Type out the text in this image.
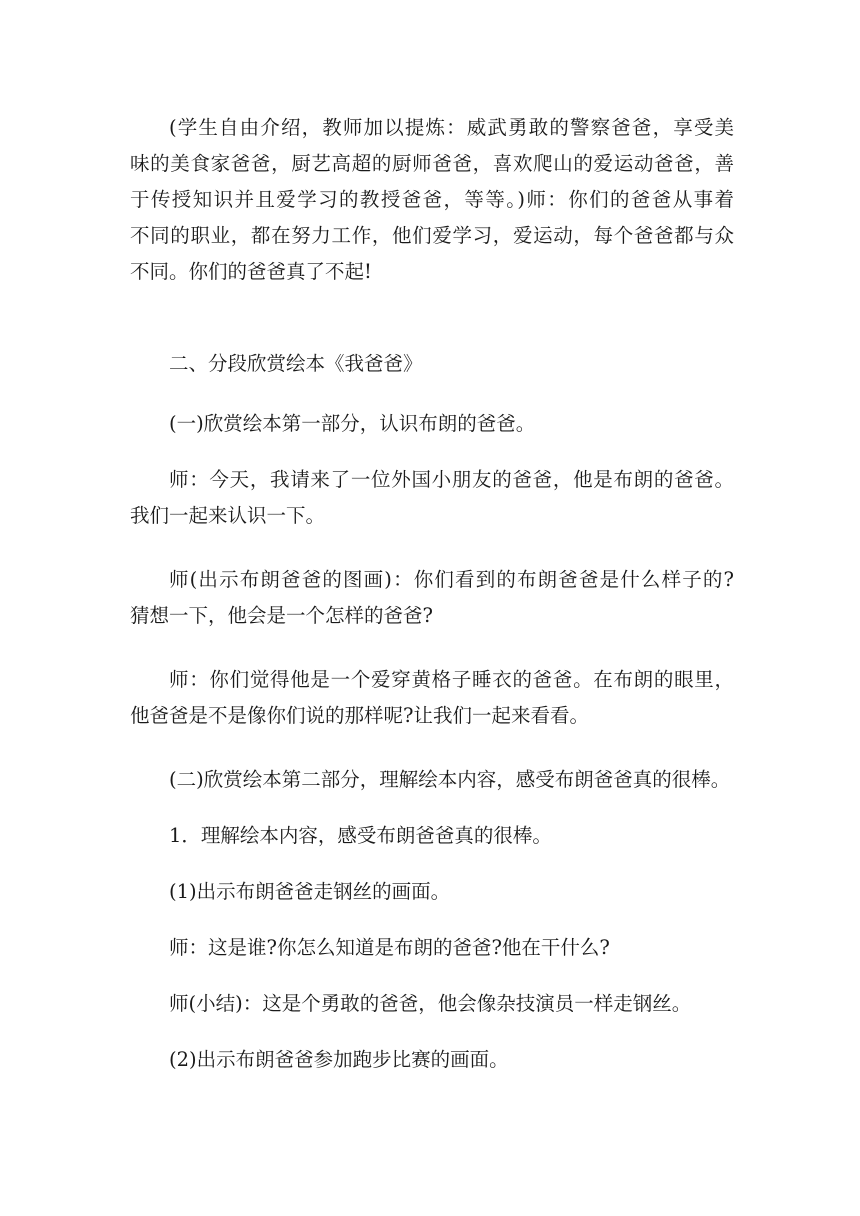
(学生自由介绍，教师加以提炼：威武勇敢的警察爸爸，享受美
味的美食家爸爸，厨艺高超的厨师爸爸，喜欢爬山的爱运动爸爸，善
于传授知识并且爱学习的教授爸爸，等等。)师：你们的爸爸从事着
不同的职业，都在努力工作，他们爱学习，爱运动，每个爸爸都与众
不同。你们的爸爸真了不起!
二、分段欣赏绘本《我爸爸》
(一)欣赏绘本第一部分，认识布朗的爸爸。
师：今天，我请来了一位外国小朋友的爸爸，他是布朗的爸爸。
我们一起来认识一下。
师(出示布朗爸爸的图画)：你们看到的布朗爸爸是什么样子的?
猜想一下，他会是一个怎样的爸爸?
师：你们觉得他是一个爱穿黄格子睡衣的爸爸。在布朗的眼里，
他爸爸是不是像你们说的那样呢?让我们一起来看看。
(二)欣赏绘本第二部分，理解绘本内容，感受布朗爸爸真的很棒。
1．理解绘本内容，感受布朗爸爸真的很棒。
(1)出示布朗爸爸走钢丝的画面。
师：这是谁?你怎么知道是布朗的爸爸?他在干什么?
师(小结)：这是个勇敢的爸爸，他会像杂技演员一样走钢丝。
(2)出示布朗爸爸参加跑步比赛的画面。
